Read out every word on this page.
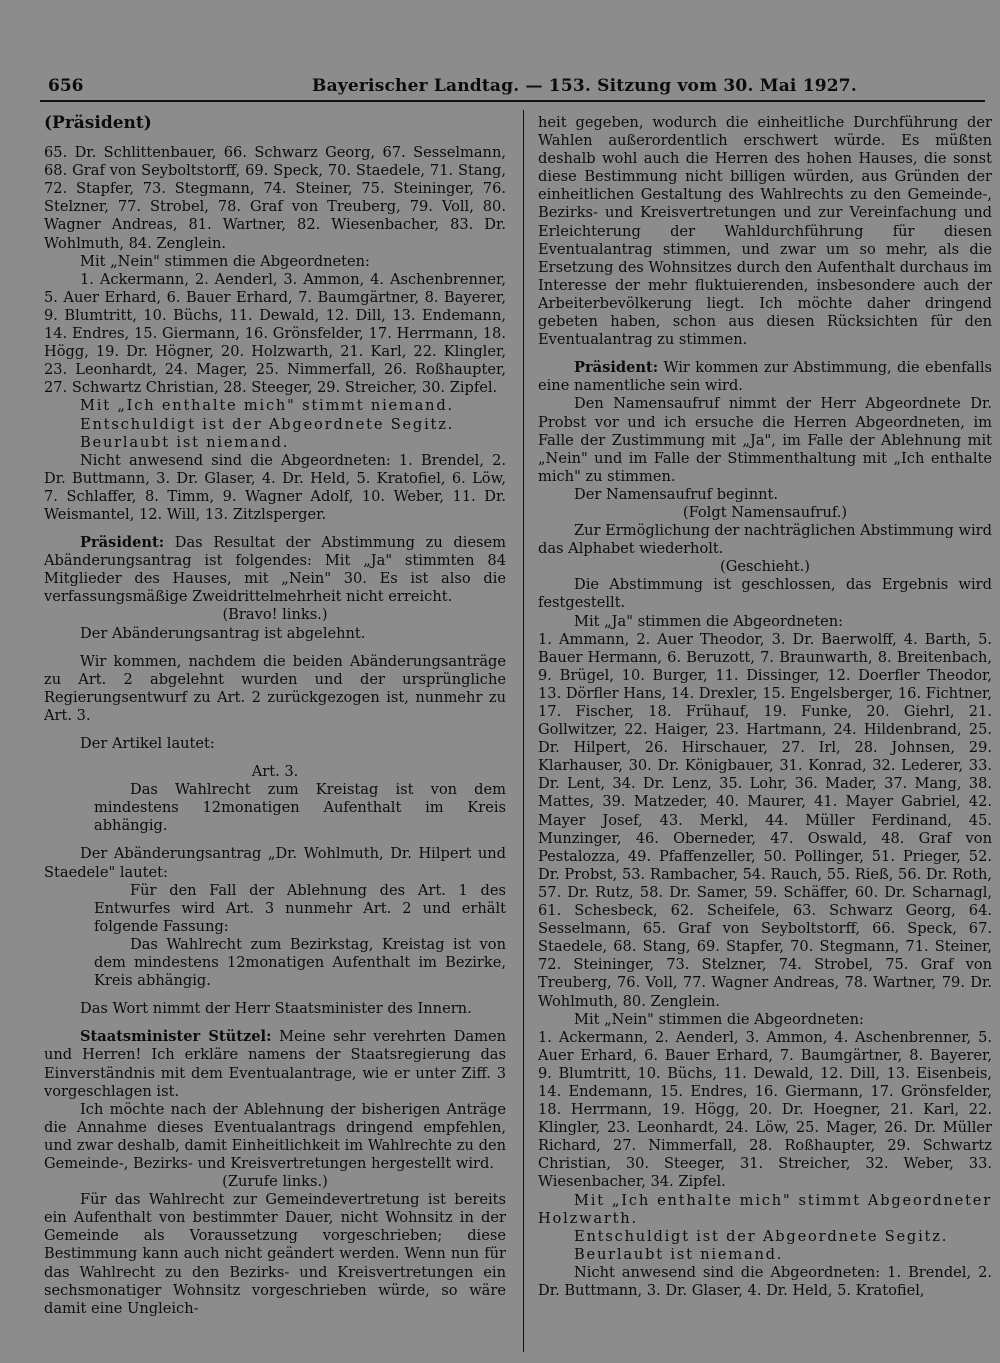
656	Bayerischer Landtag. — 153. Sitzung vom 30. Mai 1927.

(Präsident)

65. Dr. Schlittenbauer, 66. Schwarz Georg, 67. Sesselmann, 68. Graf von Seyboltstorff, 69. Speck, 70. Staedele, 71. Stang, 72. Stapfer, 73. Stegmann, 74. Steiner, 75. Steininger, 76. Stelzner, 77. Strobel, 78. Graf von Treuberg, 79. Voll, 80. Wagner Andreas, 81. Wartner, 82. Wiesenbacher, 83. Dr. Wohlmuth, 84. Zenglein.

Mit „Nein" stimmen die Abgeordneten:

1. Ackermann, 2. Aenderl, 3. Ammon, 4. Aschenbrenner, 5. Auer Erhard, 6. Bauer Erhard, 7. Baumgärtner, 8. Bayerer, 9. Blumtritt, 10. Büchs, 11. Dewald, 12. Dill, 13. Endemann, 14. Endres, 15. Giermann, 16. Grönsfelder, 17. Herrmann, 18. Högg, 19. Dr. Högner, 20. Holzwarth, 21. Karl, 22. Klingler, 23. Leonhardt, 24. Mager, 25. Nimmerfall, 26. Roßhaupter, 27. Schwartz Christian, 28. Steeger, 29. Streicher, 30. Zipfel.

Mit „Ich enthalte mich" stimmt niemand.

Entschuldigt ist der Abgeordnete Segitz.

Beurlaubt ist niemand.

Nicht anwesend sind die Abgeordneten: 1. Brendel, 2. Dr. Buttmann, 3. Dr. Glaser, 4. Dr. Held, 5. Kratofiel, 6. Löw, 7. Schlaffer, 8. Timm, 9. Wagner Adolf, 10. Weber, 11. Dr. Weismantel, 12. Will, 13. Zitzlsperger.

Präsident: Das Resultat der Abstimmung zu diesem Abänderungsantrag ist folgendes: Mit „Ja" stimmten 84 Mitglieder des Hauses, mit „Nein" 30. Es ist also die verfassungsmäßige Zweidrittelmehrheit nicht erreicht.

(Bravo! links.)

Der Abänderungsantrag ist abgelehnt.

Wir kommen, nachdem die beiden Abänderungsanträge zu Art. 2 abgelehnt wurden und der ursprüngliche Regierungsentwurf zu Art. 2 zurückgezogen ist, nunmehr zu Art. 3.

Der Artikel lautet:

Art. 3.

Das Wahlrecht zum Kreistag ist von dem mindestens 12monatigen Aufenthalt im Kreis abhängig.

Der Abänderungsantrag „Dr. Wohlmuth, Dr. Hilpert und Staedele" lautet:

Für den Fall der Ablehnung des Art. 1 des Entwurfes wird Art. 3 nunmehr Art. 2 und erhält folgende Fassung:

Das Wahlrecht zum Bezirkstag, Kreistag ist von dem mindestens 12monatigen Aufenthalt im Bezirke, Kreis abhängig.

Das Wort nimmt der Herr Staatsminister des Innern.

Staatsminister Stützel: Meine sehr verehrten Damen und Herren! Ich erkläre namens der Staatsregierung das Einverständnis mit dem Eventualantrage, wie er unter Ziff. 3 vorgeschlagen ist.

Ich möchte nach der Ablehnung der bisherigen Anträge die Annahme dieses Eventualantrags dringend empfehlen, und zwar deshalb, damit Einheitlichkeit im Wahlrechte zu den Gemeinde-, Bezirks- und Kreisvertretungen hergestellt wird.

(Zurufe links.)

Für das Wahlrecht zur Gemeindevertretung ist bereits ein Aufenthalt von bestimmter Dauer, nicht Wohnsitz in der Gemeinde als Voraussetzung vorgeschrieben; diese Bestimmung kann auch nicht geändert werden. Wenn nun für das Wahlrecht zu den Bezirks- und Kreisvertretungen ein sechsmonatiger Wohnsitz vorgeschrieben würde, so wäre damit eine Ungleich-

heit gegeben, wodurch die einheitliche Durchführung der Wahlen außerordentlich erschwert würde. Es müßten deshalb wohl auch die Herren des hohen Hauses, die sonst diese Bestimmung nicht billigen würden, aus Gründen der einheitlichen Gestaltung des Wahlrechts zu den Gemeinde-, Bezirks- und Kreisvertretungen und zur Vereinfachung und Erleichterung der Wahldurchführung für diesen Eventualantrag stimmen, und zwar um so mehr, als die Ersetzung des Wohnsitzes durch den Aufenthalt durchaus im Interesse der mehr fluktuierenden, insbesondere auch der Arbeiterbevölkerung liegt. Ich möchte daher dringend gebeten haben, schon aus diesen Rücksichten für den Eventualantrag zu stimmen.

Präsident: Wir kommen zur Abstimmung, die ebenfalls eine namentliche sein wird.

Den Namensaufruf nimmt der Herr Abgeordnete Dr. Probst vor und ich ersuche die Herren Abgeordneten, im Falle der Zustimmung mit „Ja", im Falle der Ablehnung mit „Nein" und im Falle der Stimmenthaltung mit „Ich enthalte mich" zu stimmen.

Der Namensaufruf beginnt.

(Folgt Namensaufruf.)

Zur Ermöglichung der nachträglichen Abstimmung wird das Alphabet wiederholt.

(Geschieht.)

Die Abstimmung ist geschlossen, das Ergebnis wird festgestellt.

Mit „Ja" stimmen die Abgeordneten:

1. Ammann, 2. Auer Theodor, 3. Dr. Baerwolff, 4. Barth, 5. Bauer Hermann, 6. Beruzott, 7. Braunwarth, 8. Breitenbach, 9. Brügel, 10. Burger, 11. Dissinger, 12. Doerfler Theodor, 13. Dörfler Hans, 14. Drexler, 15. Engelsberger, 16. Fichtner, 17. Fischer, 18. Frühauf, 19. Funke, 20. Giehrl, 21. Gollwitzer, 22. Haiger, 23. Hartmann, 24. Hildenbrand, 25. Dr. Hilpert, 26. Hirschauer, 27. Irl, 28. Johnsen, 29. Klarhauser, 30. Dr. Königbauer, 31. Konrad, 32. Lederer, 33. Dr. Lent, 34. Dr. Lenz, 35. Lohr, 36. Mader, 37. Mang, 38. Mattes, 39. Matzeder, 40. Maurer, 41. Mayer Gabriel, 42. Mayer Josef, 43. Merkl, 44. Müller Ferdinand, 45. Munzinger, 46. Oberneder, 47. Oswald, 48. Graf von Pestalozza, 49. Pfaffenzeller, 50. Pollinger, 51. Prieger, 52. Dr. Probst, 53. Rambacher, 54. Rauch, 55. Rieß, 56. Dr. Roth, 57. Dr. Rutz, 58. Dr. Samer, 59. Schäffer, 60. Dr. Scharnagl, 61. Schesbeck, 62. Scheifele, 63. Schwarz Georg, 64. Sesselmann, 65. Graf von Seyboltstorff, 66. Speck, 67. Staedele, 68. Stang, 69. Stapfer, 70. Stegmann, 71. Steiner, 72. Steininger, 73. Stelzner, 74. Strobel, 75. Graf von Treuberg, 76. Voll, 77. Wagner Andreas, 78. Wartner, 79. Dr. Wohlmuth, 80. Zenglein.

Mit „Nein" stimmen die Abgeordneten:

1. Ackermann, 2. Aenderl, 3. Ammon, 4. Aschenbrenner, 5. Auer Erhard, 6. Bauer Erhard, 7. Baumgärtner, 8. Bayerer, 9. Blumtritt, 10. Büchs, 11. Dewald, 12. Dill, 13. Eisenbeis, 14. Endemann, 15. Endres, 16. Giermann, 17. Grönsfelder, 18. Herrmann, 19. Högg, 20. Dr. Hoegner, 21. Karl, 22. Klingler, 23. Leonhardt, 24. Löw, 25. Mager, 26. Dr. Müller Richard, 27. Nimmerfall, 28. Roßhaupter, 29. Schwartz Christian, 30. Steeger, 31. Streicher, 32. Weber, 33. Wiesenbacher, 34. Zipfel.

Mit „Ich enthalte mich" stimmt Abgeordneter Holzwarth.

Entschuldigt ist der Abgeordnete Segitz.

Beurlaubt ist niemand.

Nicht anwesend sind die Abgeordneten: 1. Brendel, 2. Dr. Buttmann, 3. Dr. Glaser, 4. Dr. Held, 5. Kratofiel,
